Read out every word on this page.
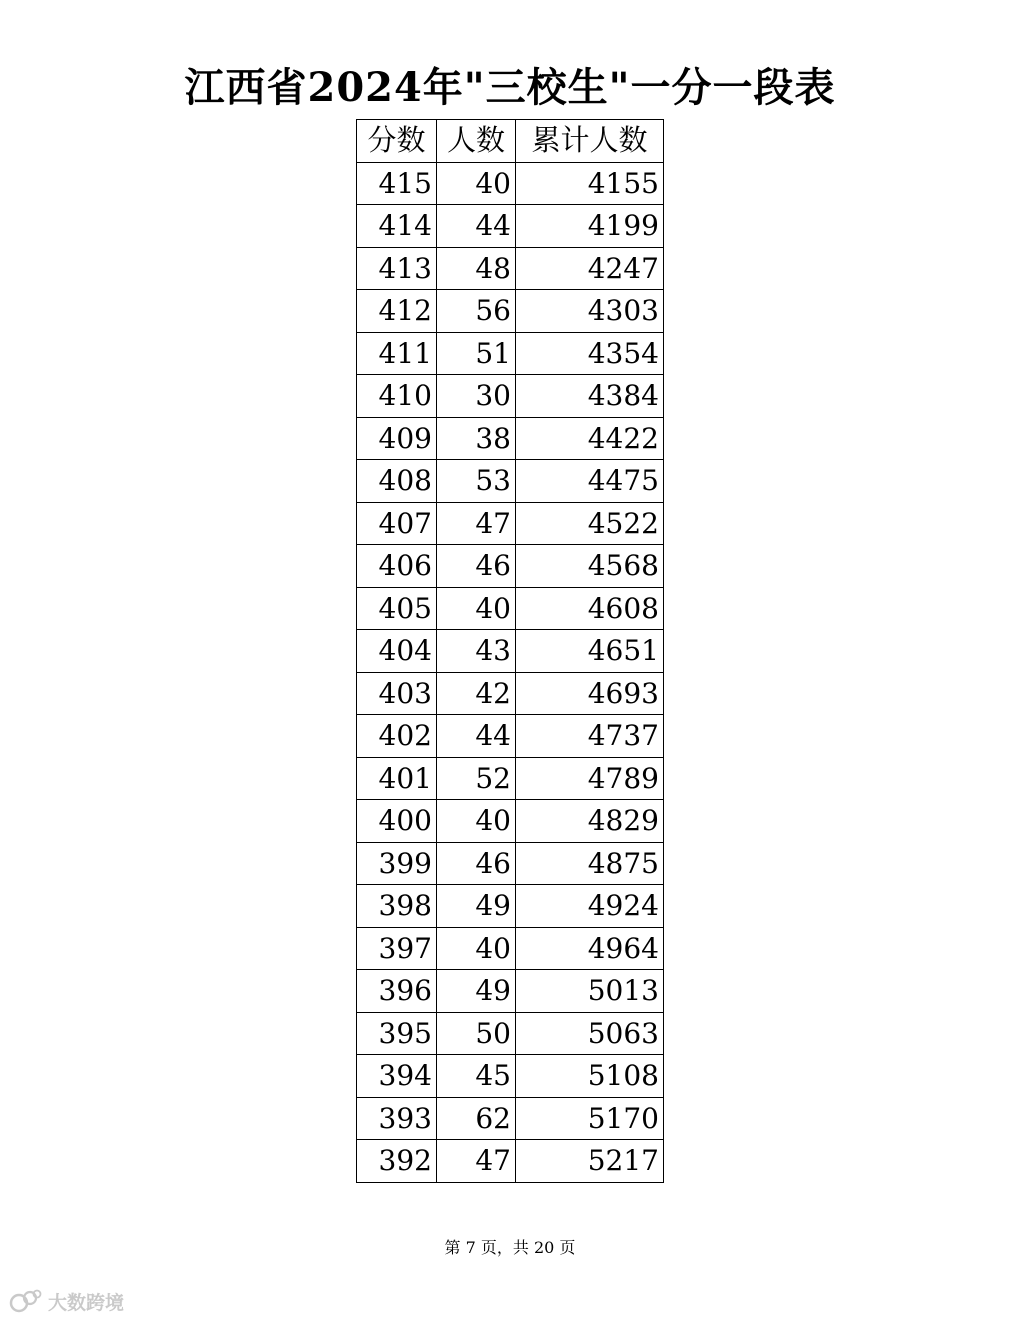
江西省2024年"三校生"一分一段表
分数	人数	累计人数
415	40	4155
414	44	4199
413	48	4247
412	56	4303
411	51	4354
410	30	4384
409	38	4422
408	53	4475
407	47	4522
406	46	4568
405	40	4608
404	43	4651
403	42	4693
402	44	4737
401	52	4789
400	40	4829
399	46	4875
398	49	4924
397	40	4964
396	49	5013
395	50	5063
394	45	5108
393	62	5170
392	47	5217
第 7 页，共 20 页
大数跨境
